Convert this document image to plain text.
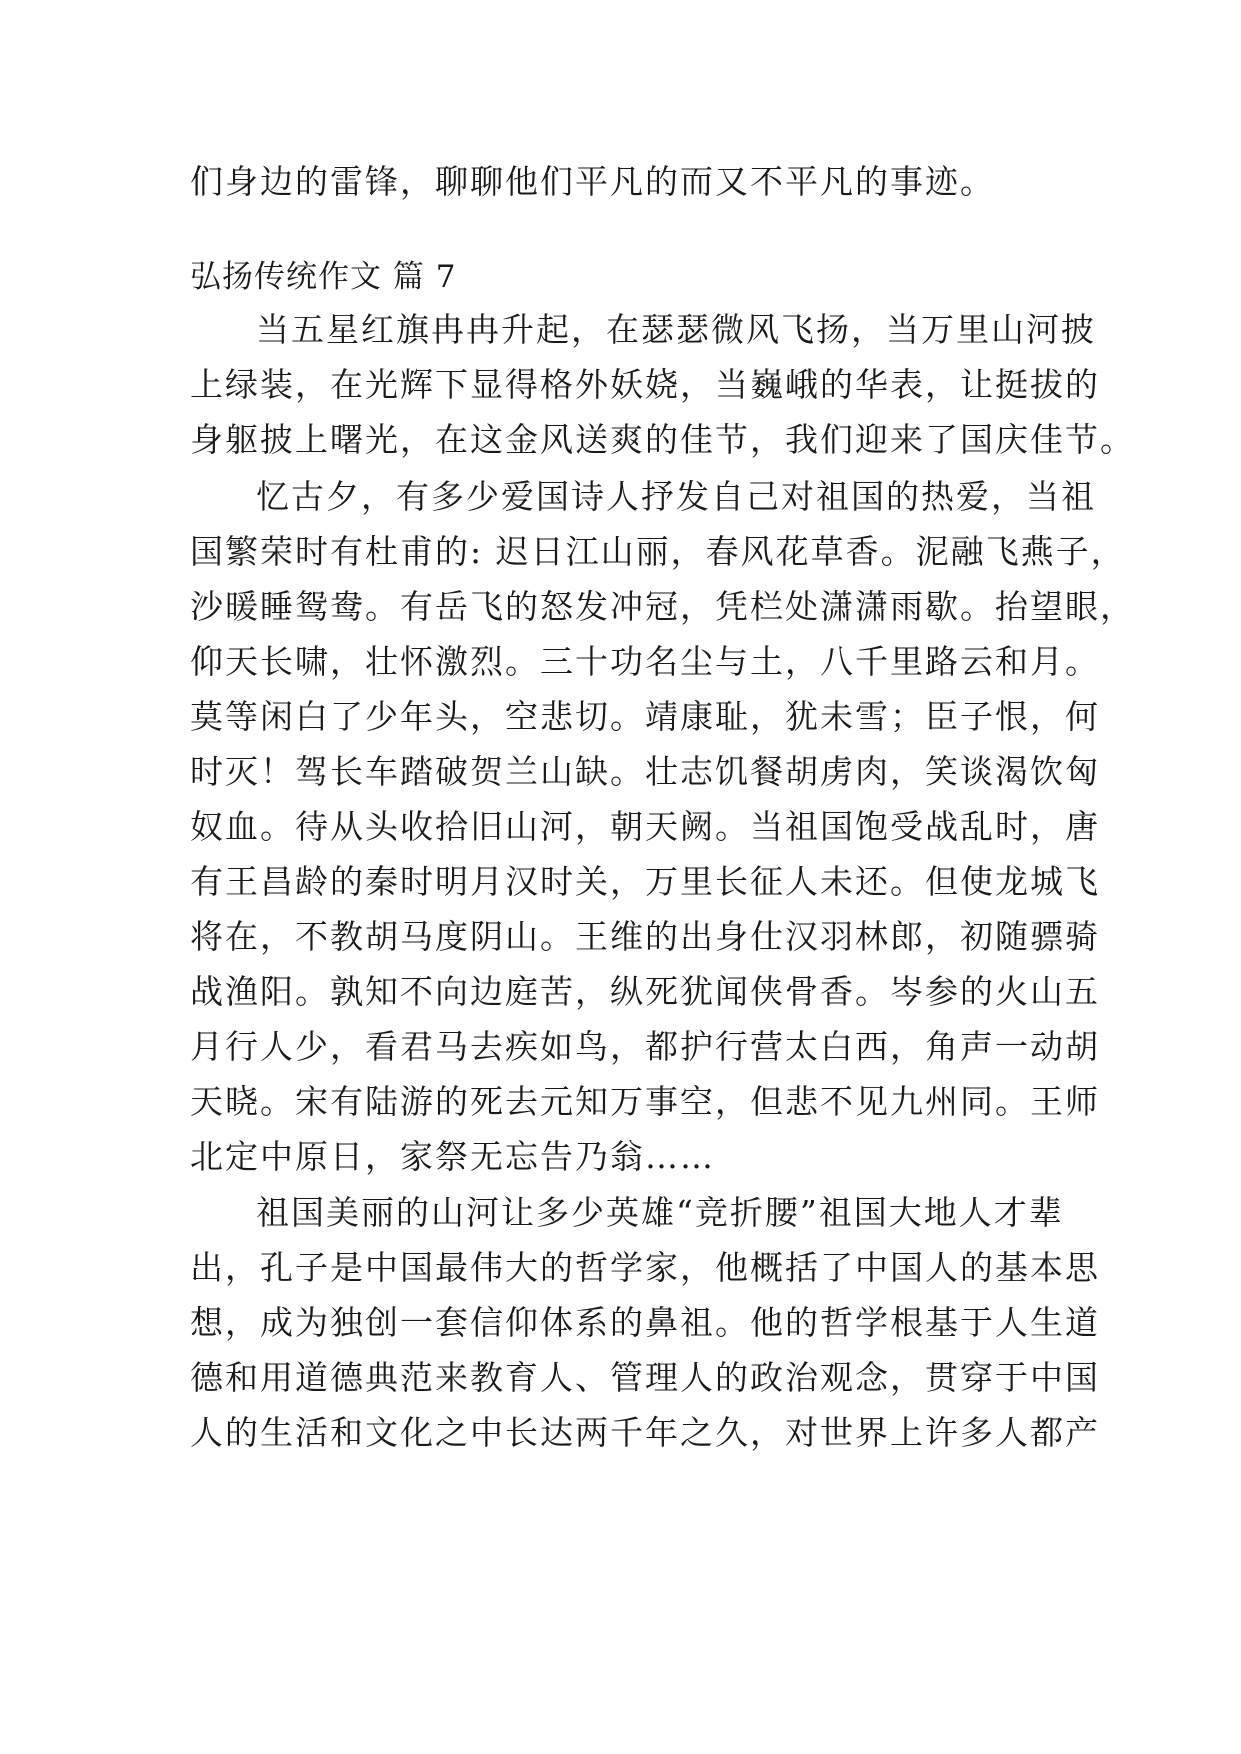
们身边的雷锋，聊聊他们平凡的而又不平凡的事迹。
弘扬传统作文 篇 7
当五星红旗冉冉升起，在瑟瑟微风飞扬，当万里山河披
上绿装，在光辉下显得格外妖娆，当巍峨的华表，让挺拔的
身躯披上曙光，在这金风送爽的佳节，我们迎来了国庆佳节。
忆古夕，有多少爱国诗人抒发自己对祖国的热爱，当祖
国繁荣时有杜甫的: 迟日江山丽，春风花草香。泥融飞燕子，
沙暖睡鸳鸯。有岳飞的怒发冲冠，凭栏处潇潇雨歇。抬望眼，
仰天长啸，壮怀激烈。三十功名尘与土，八千里路云和月。
莫等闲白了少年头，空悲切。靖康耻，犹未雪；臣子恨，何
时灭！驾长车踏破贺兰山缺。壮志饥餐胡虏肉，笑谈渴饮匈
奴血。待从头收拾旧山河，朝天阙。当祖国饱受战乱时，唐
有王昌龄的秦时明月汉时关，万里长征人未还。但使龙城飞
将在，不教胡马度阴山。王维的出身仕汉羽林郎，初随骠骑
战渔阳。孰知不向边庭苦，纵死犹闻侠骨香。岑参的火山五
月行人少，看君马去疾如鸟，都护行营太白西，角声一动胡
天晓。宋有陆游的死去元知万事空，但悲不见九州同。王师
北定中原日，家祭无忘告乃翁……
祖国美丽的山河让多少英雄“竞折腰”祖国大地人才辈
出，孔子是中国最伟大的哲学家，他概括了中国人的基本思
想，成为独创一套信仰体系的鼻祖。他的哲学根基于人生道
德和用道德典范来教育人、管理人的政治观念，贯穿于中国
人的生活和文化之中长达两千年之久，对世界上许多人都产
